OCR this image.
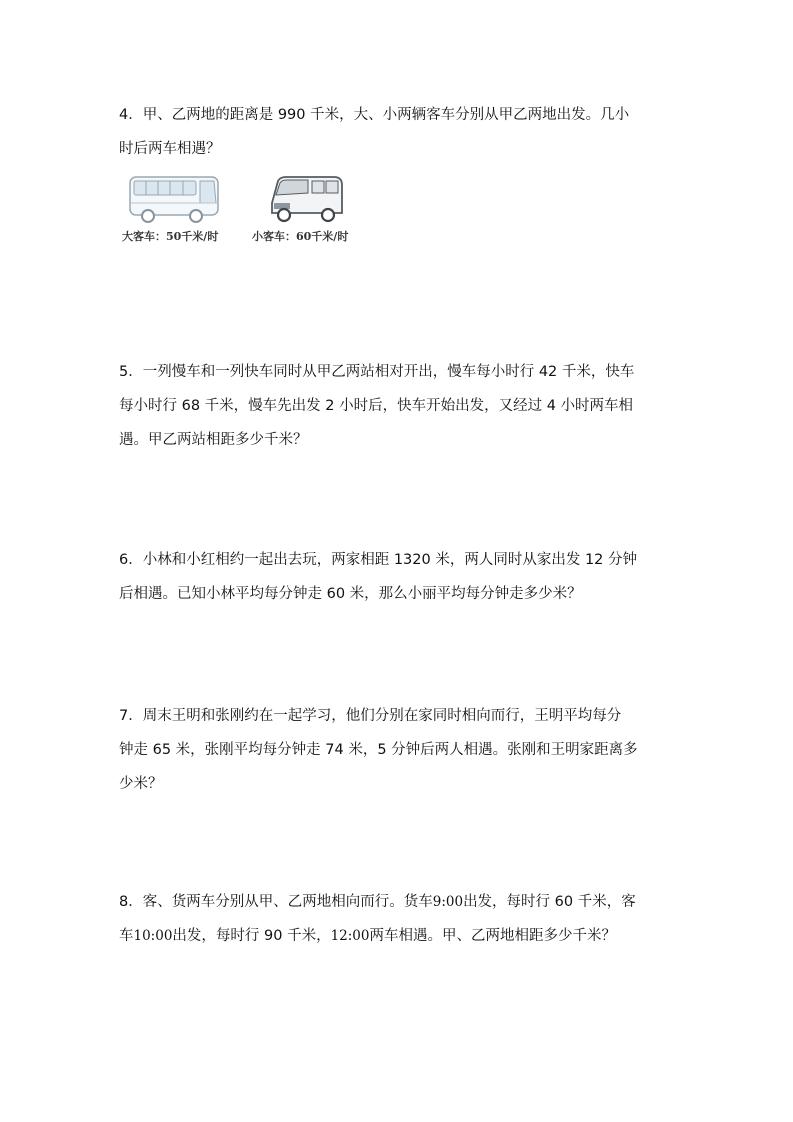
4．甲、乙两地的距离是 990 千米，大、小两辆客车分别从甲乙两地出发。几小

时后两车相遇？

大客车：50千米/时	小客车：60千米/时

5．一列慢车和一列快车同时从甲乙两站相对开出，慢车每小时行 42 千米，快车

每小时行 68 千米，慢车先出发 2 小时后，快车开始出发，又经过 4 小时两车相

遇。甲乙两站相距多少千米？

6．小林和小红相约一起出去玩，两家相距 1320 米，两人同时从家出发 12 分钟

后相遇。已知小林平均每分钟走 60 米，那么小丽平均每分钟走多少米？

7．周末王明和张刚约在一起学习，他们分别在家同时相向而行，王明平均每分

钟走 65 米，张刚平均每分钟走 74 米，5 分钟后两人相遇。张刚和王明家距离多

少米？

8．客、货两车分别从甲、乙两地相向而行。货车9:00出发，每时行 60 千米，客

车10:00出发，每时行 90 千米，12:00两车相遇。甲、乙两地相距多少千米？
